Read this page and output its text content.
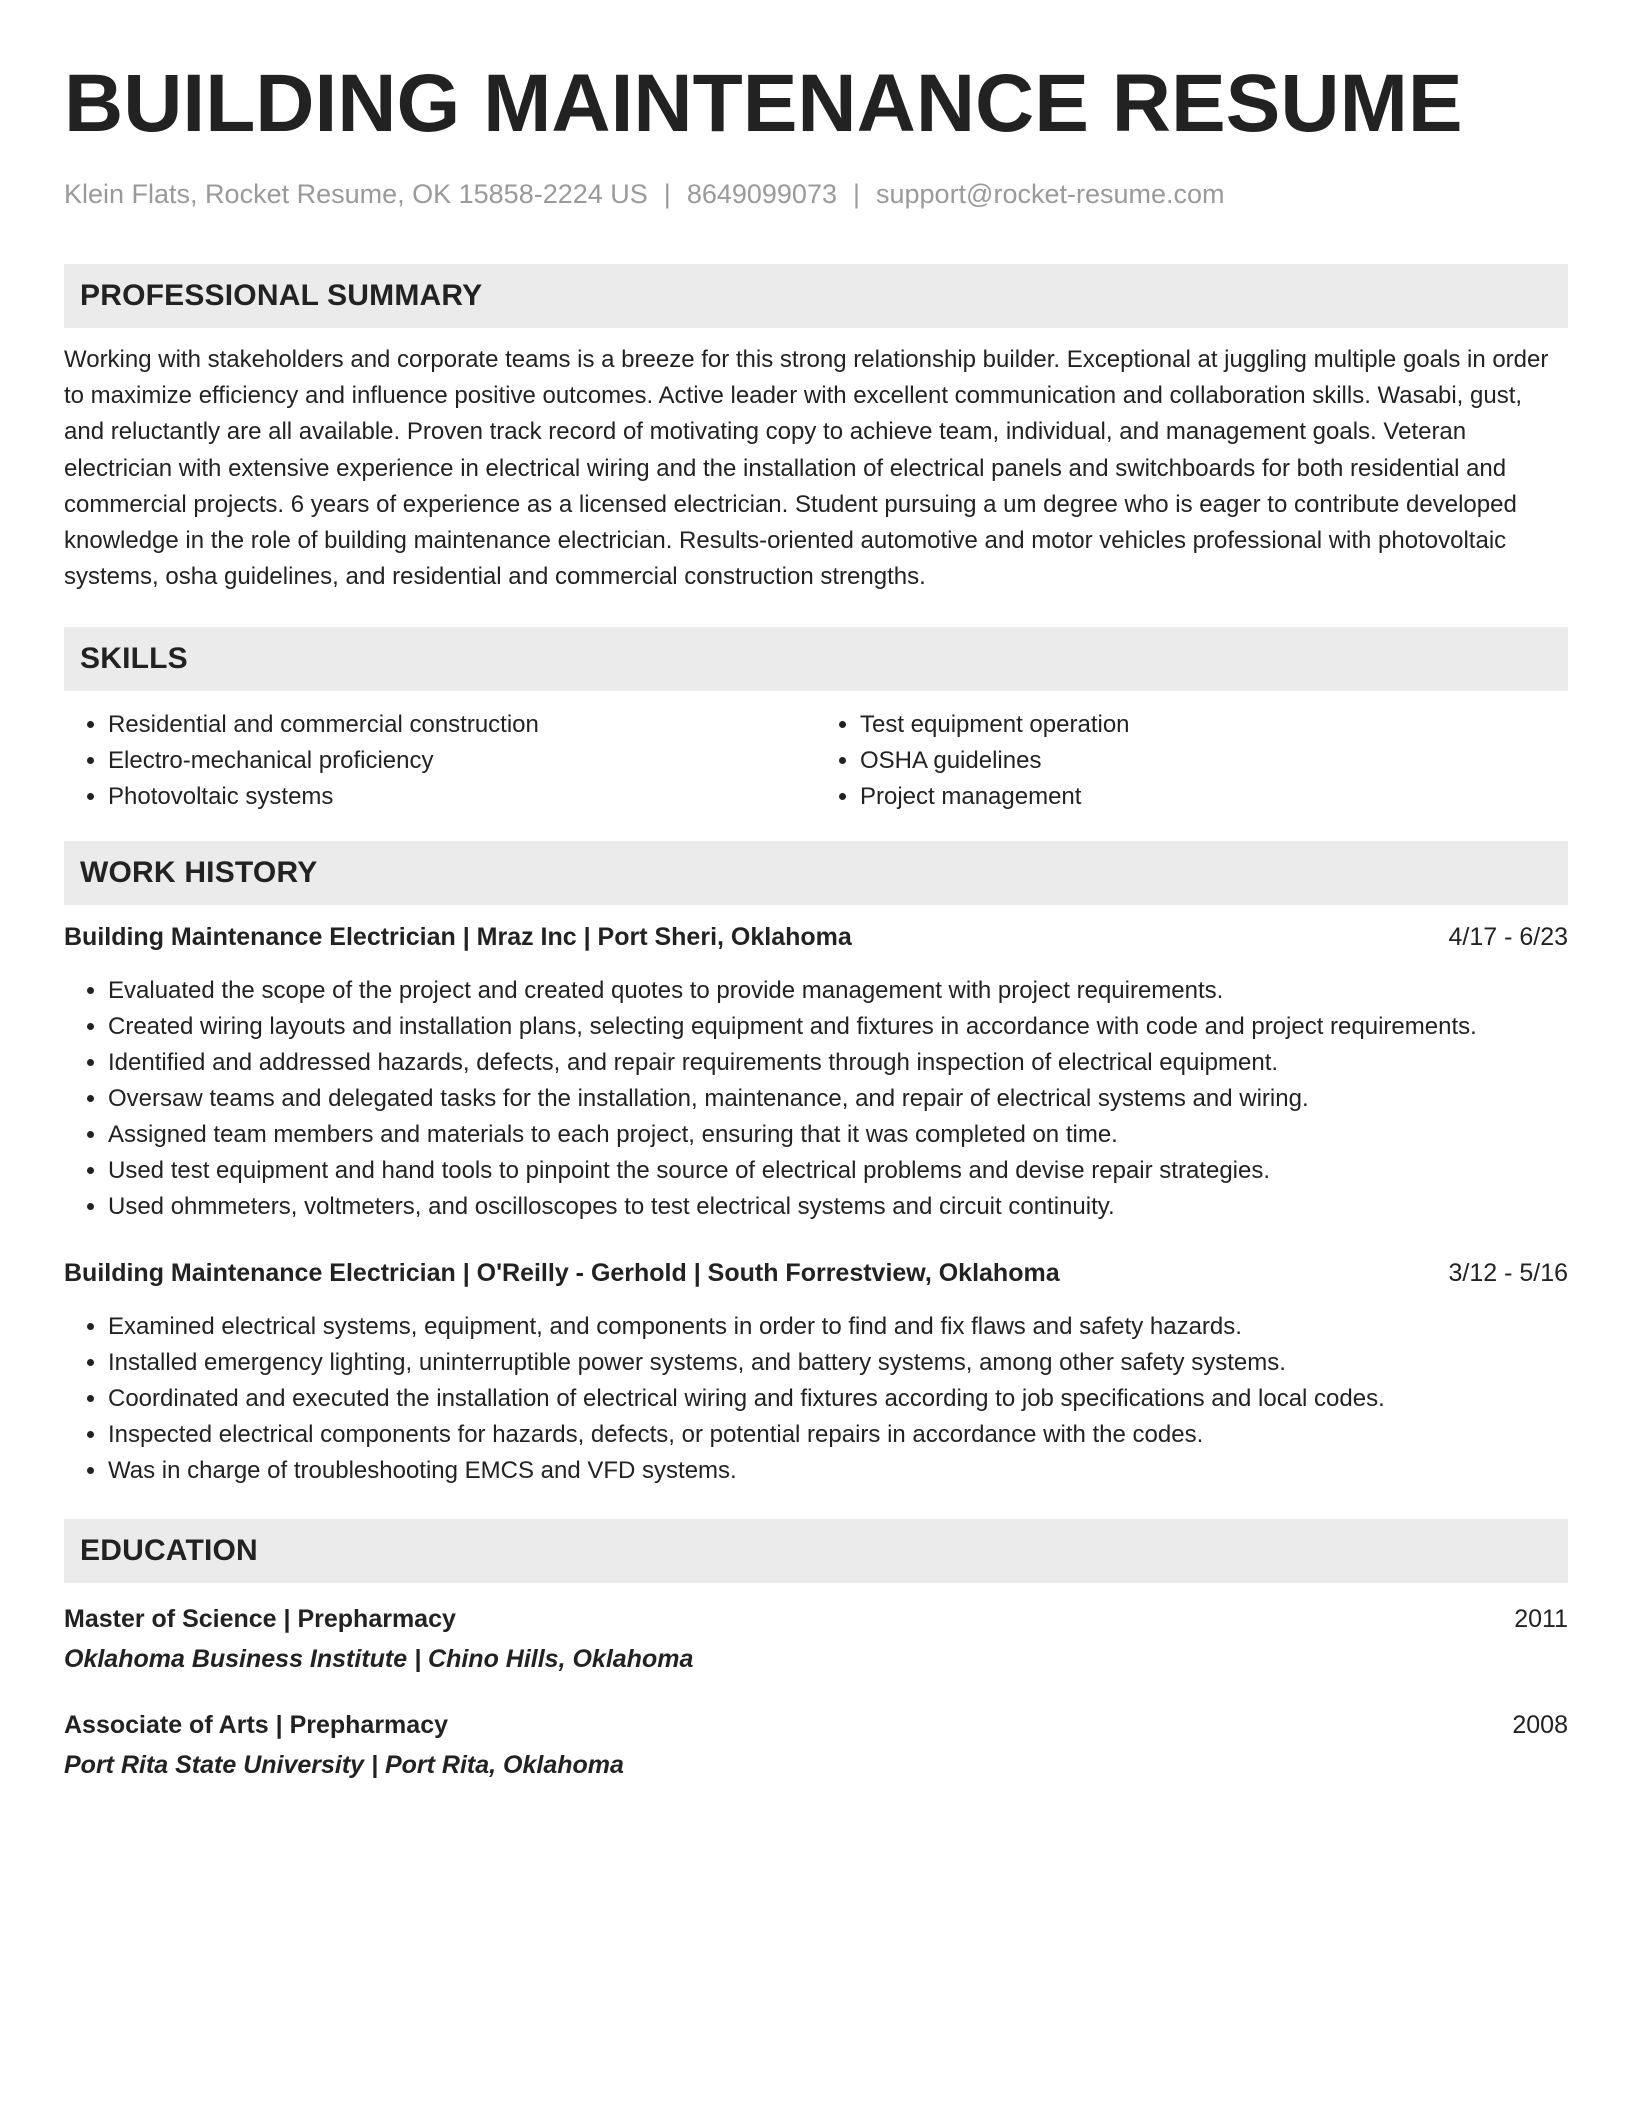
BUILDING MAINTENANCE RESUME
Klein Flats, Rocket Resume, OK 15858-2224 US | 8649099073 | support@rocket-resume.com
PROFESSIONAL SUMMARY
Working with stakeholders and corporate teams is a breeze for this strong relationship builder. Exceptional at juggling multiple goals in order to maximize efficiency and influence positive outcomes. Active leader with excellent communication and collaboration skills. Wasabi, gust, and reluctantly are all available. Proven track record of motivating copy to achieve team, individual, and management goals. Veteran electrician with extensive experience in electrical wiring and the installation of electrical panels and switchboards for both residential and commercial projects. 6 years of experience as a licensed electrician. Student pursuing a um degree who is eager to contribute developed knowledge in the role of building maintenance electrician. Results-oriented automotive and motor vehicles professional with photovoltaic systems, osha guidelines, and residential and commercial construction strengths.
SKILLS
• Residential and commercial construction
• Electro-mechanical proficiency
• Photovoltaic systems
• Test equipment operation
• OSHA guidelines
• Project management
WORK HISTORY
Building Maintenance Electrician | Mraz Inc | Port Sheri, Oklahoma	4/17 - 6/23
• Evaluated the scope of the project and created quotes to provide management with project requirements.
• Created wiring layouts and installation plans, selecting equipment and fixtures in accordance with code and project requirements.
• Identified and addressed hazards, defects, and repair requirements through inspection of electrical equipment.
• Oversaw teams and delegated tasks for the installation, maintenance, and repair of electrical systems and wiring.
• Assigned team members and materials to each project, ensuring that it was completed on time.
• Used test equipment and hand tools to pinpoint the source of electrical problems and devise repair strategies.
• Used ohmmeters, voltmeters, and oscilloscopes to test electrical systems and circuit continuity.
Building Maintenance Electrician | O'Reilly - Gerhold | South Forrestview, Oklahoma	3/12 - 5/16
• Examined electrical systems, equipment, and components in order to find and fix flaws and safety hazards.
• Installed emergency lighting, uninterruptible power systems, and battery systems, among other safety systems.
• Coordinated and executed the installation of electrical wiring and fixtures according to job specifications and local codes.
• Inspected electrical components for hazards, defects, or potential repairs in accordance with the codes.
• Was in charge of troubleshooting EMCS and VFD systems.
EDUCATION
Master of Science | Prepharmacy	2011
Oklahoma Business Institute | Chino Hills, Oklahoma
Associate of Arts | Prepharmacy	2008
Port Rita State University | Port Rita, Oklahoma
